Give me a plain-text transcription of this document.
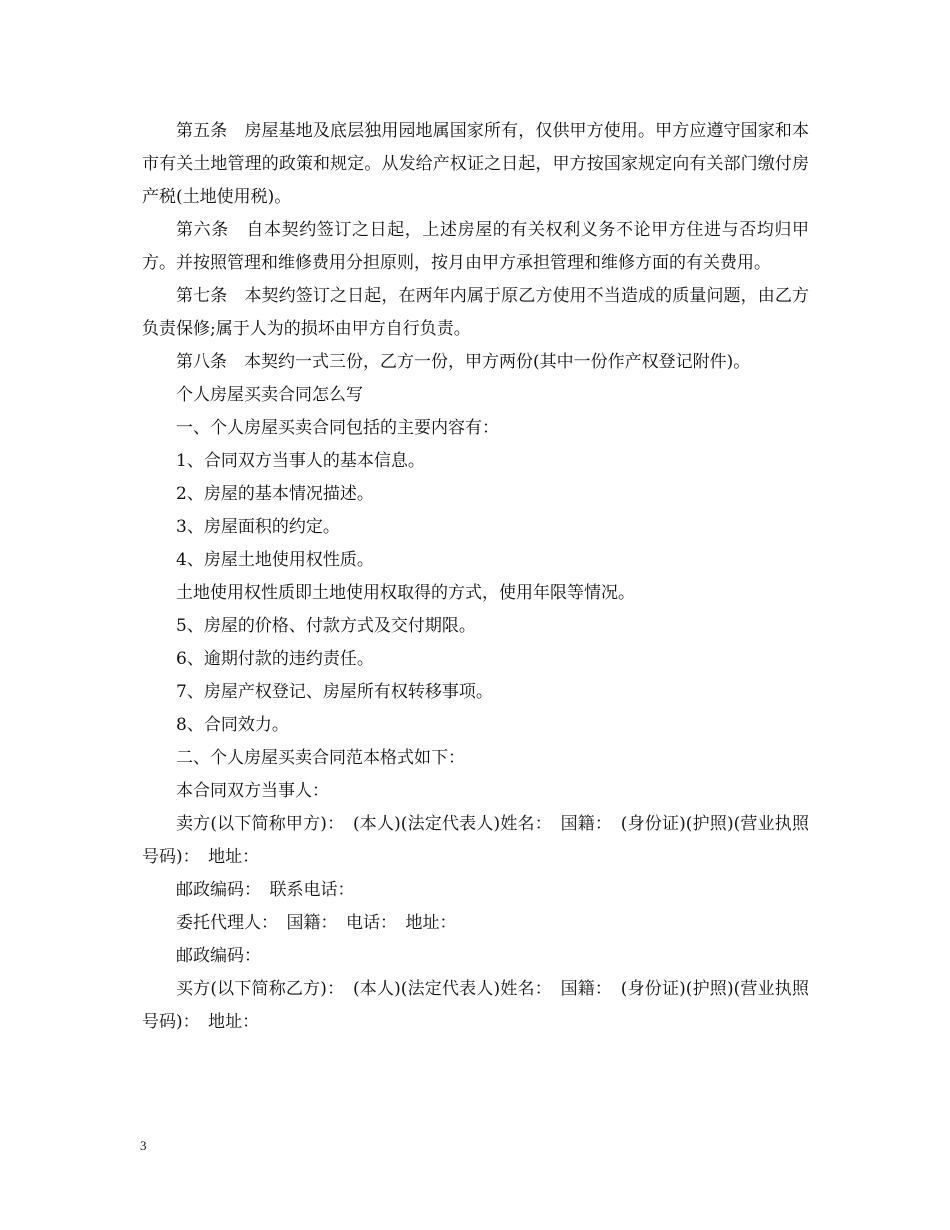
第五条　房屋基地及底层独用园地属国家所有，仅供甲方使用。甲方应遵守国家和本市有关土地管理的政策和规定。从发给产权证之日起，甲方按国家规定向有关部门缴付房产税(土地使用税)。

第六条　自本契约签订之日起，上述房屋的有关权利义务不论甲方住进与否均归甲方。并按照管理和维修费用分担原则，按月由甲方承担管理和维修方面的有关费用。

第七条　本契约签订之日起，在两年内属于原乙方使用不当造成的质量问题，由乙方负责保修;属于人为的损坏由甲方自行负责。

第八条　本契约一式三份，乙方一份，甲方两份(其中一份作产权登记附件)。

个人房屋买卖合同怎么写

一、个人房屋买卖合同包括的主要内容有：

1、合同双方当事人的基本信息。

2、房屋的基本情况描述。

3、房屋面积的约定。

4、房屋土地使用权性质。

土地使用权性质即土地使用权取得的方式，使用年限等情况。

5、房屋的价格、付款方式及交付期限。

6、逾期付款的违约责任。

7、房屋产权登记、房屋所有权转移事项。

8、合同效力。

二、个人房屋买卖合同范本格式如下：

本合同双方当事人：

卖方(以下简称甲方)：　(本人)(法定代表人)姓名：　国籍：　(身份证)(护照)(营业执照号码)：　地址：

邮政编码：　联系电话：

委托代理人：　国籍：　电话：　地址：

邮政编码：

买方(以下简称乙方)：　(本人)(法定代表人)姓名：　国籍：　(身份证)(护照)(营业执照号码)：　地址：

3
